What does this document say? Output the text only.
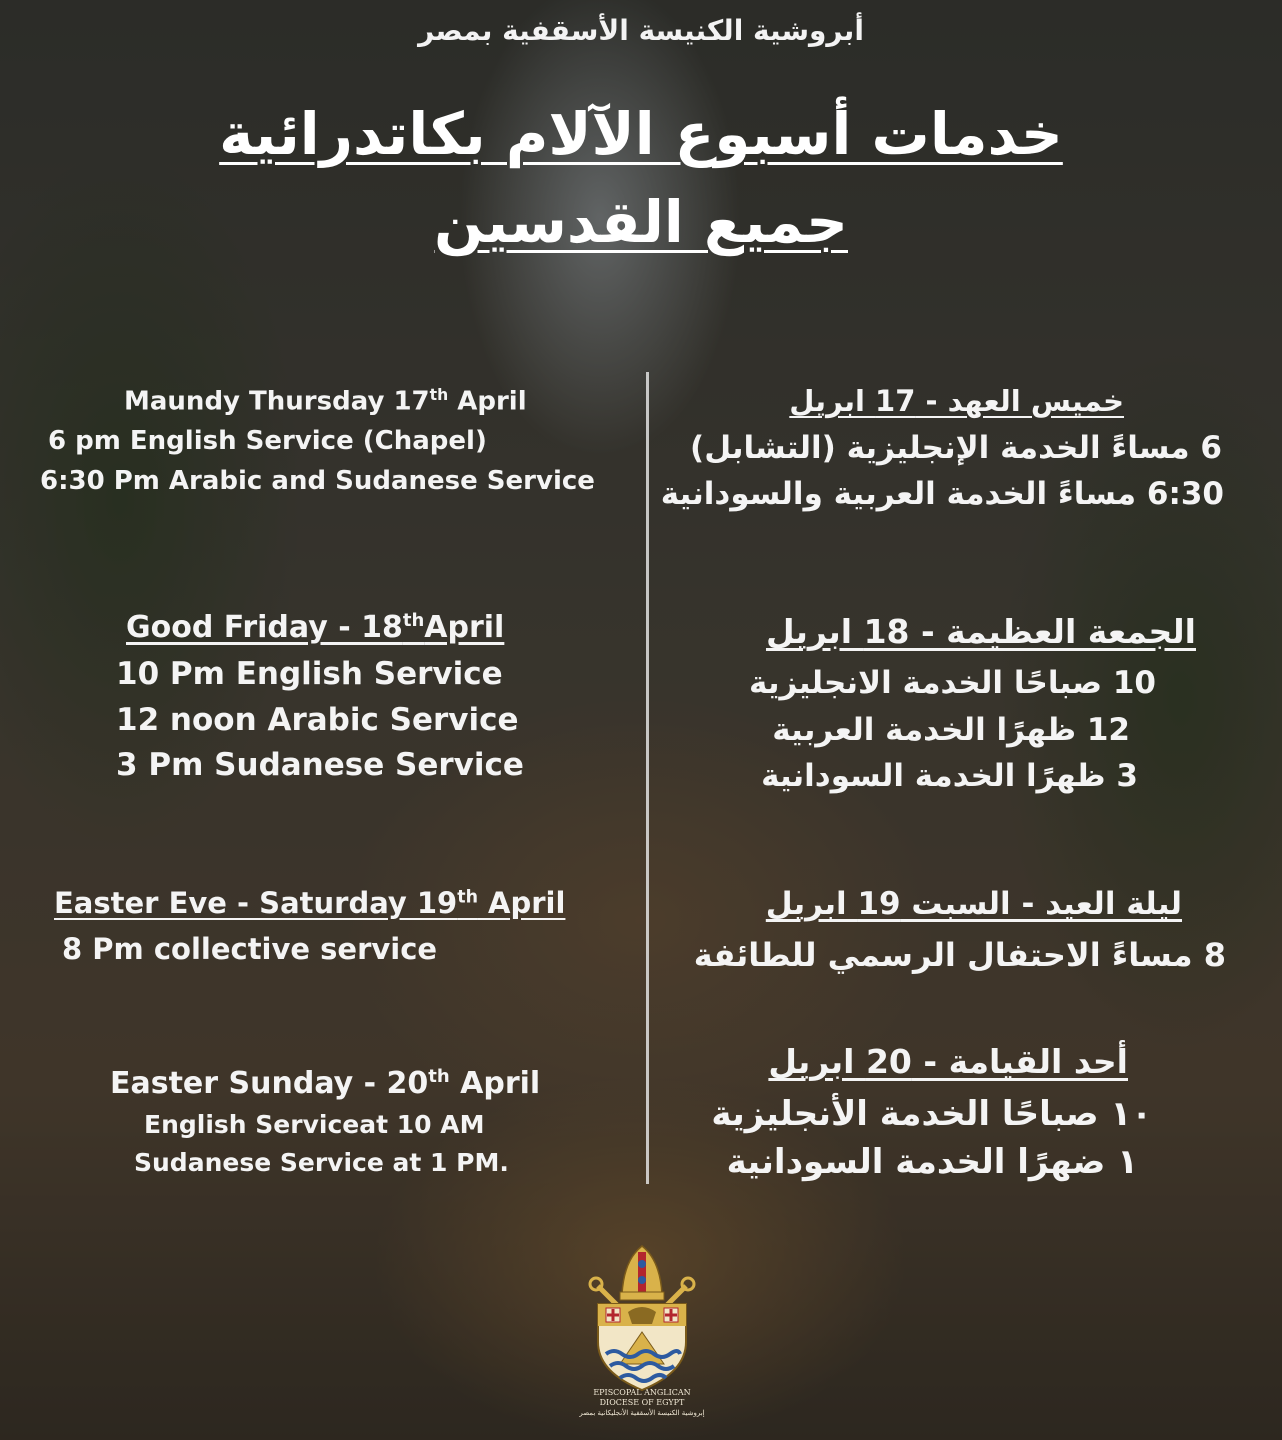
أبروشية الكنيسة الأسقفية بمصر
خدمات أسبوع الآلام بكاتدرائية
جميع القدسين
Maundy Thursday 17th April
6 pm English Service (Chapel)
6:30 Pm Arabic and Sudanese Service
Good Friday - 18thApril
10 Pm English Service
12 noon Arabic Service
3 Pm Sudanese Service
Easter Eve - Saturday 19th April
8 Pm collective service
Easter Sunday - 20th April
English Serviceat 10 AM
Sudanese Service at 1 PM.
خميس العهد - 17 ابريل
6 مساءً الخدمة الإنجليزية (التشابل)
6:30 مساءً الخدمة العربية والسودانية
الجمعة العظيمة - 18 ابريل
10 صباحًا الخدمة الانجليزية
12 ظهرًا الخدمة العربية
3 ظهرًا الخدمة السودانية
ليلة العيد - السبت 19 ابريل
8 مساءً الاحتفال الرسمي للطائفة
أحد القيامة - 20 ابريل
١٠ صباحًا الخدمة الأنجليزية
١ ضهرًا الخدمة السودانية
EPISCOPAL ANGLICAN
DIOCESE OF EGYPT
إبروشية الكنيسة الأسقفية الأنجليكانية بمصر
